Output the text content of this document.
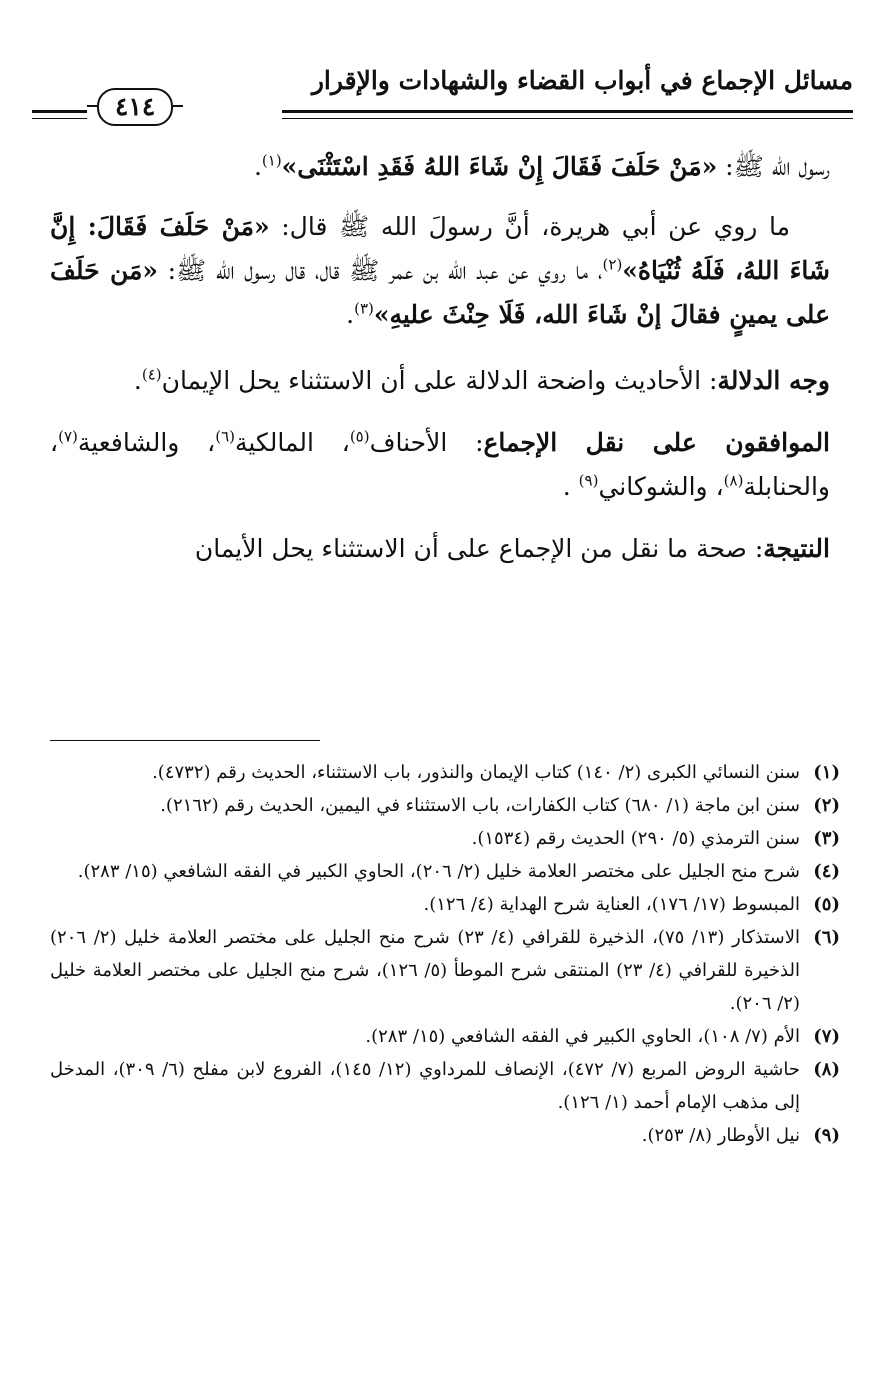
مسائل الإجماع في أبواب القضاء والشهادات والإقرار
٤١٤

رسول الله ﷺ: «مَنْ حَلَفَ فَقَالَ إِنْ شَاءَ اللهُ فَقَدِ اسْتَثْنَى»$^{(١)}$.

ما روي عن أبي هريرة، أنَّ رسولَ الله ﷺ قال: «مَنْ حَلَفَ فَقَالَ: إِنَّ شَاءَ اللهُ، فَلَهُ ثُنْيَاهُ»$^{(٢)}$، ما روي عن عبد الله بن عمر ﷺ قال، قال رسول الله ﷺ: «مَن حَلَفَ على يمينٍ فقالَ إنْ شَاءَ الله، فَلَا حِنْثَ عليهِ»$^{(٣)}$.

وجه الدلالة: الأحاديث واضحة الدلالة على أن الاستثناء يحل الإيمان$^{(٤)}$.

الموافقون على نقل الإجماع: الأحناف$^{(٥)}$، المالكية$^{(٦)}$، والشافعية$^{(٧)}$، والحنابلة$^{(٨)}$، والشوكاني$^{(٩)}$ .

النتيجة: صحة ما نقل من الإجماع على أن الاستثناء يحل الأيمان

(١)
سنن النسائي الكبرى (٢/ ١٤٠) كتاب الإيمان والنذور، باب الاستثناء، الحديث رقم (٤٧٣٢).

(٢)
سنن ابن ماجة (١/ ٦٨٠) كتاب الكفارات، باب الاستثناء في اليمين، الحديث رقم (٢١٦٢).

(٣)
سنن الترمذي (٥/ ٢٩٠) الحديث رقم (١٥٣٤).

(٤)
شرح منح الجليل على مختصر العلامة خليل (٢/ ٢٠٦)، الحاوي الكبير في الفقه الشافعي (١٥/ ٢٨٣).

(٥)
المبسوط (١٧/ ١٧٦)، العناية شرح الهداية (٤/ ١٢٦).

(٦)
الاستذكار (١٣/ ٧٥)، الذخيرة للقرافي (٤/ ٢٣) شرح منح الجليل على مختصر العلامة خليل (٢/ ٢٠٦) الذخيرة للقرافي (٤/ ٢٣) المنتقى شرح الموطأ (٥/ ١٢٦)، شرح منح الجليل على مختصر العلامة خليل (٢/ ٢٠٦).

(٧)
الأم (٧/ ١٠٨)، الحاوي الكبير في الفقه الشافعي (١٥/ ٢٨٣).

(٨)
حاشية الروض المربع (٧/ ٤٧٢)، الإنصاف للمرداوي (١٢/ ١٤٥)، الفروع لابن مفلح (٦/ ٣٠٩)، المدخل إلى مذهب الإمام أحمد (١/ ١٢٦).

(٩)
نيل الأوطار (٨/ ٢٥٣).
